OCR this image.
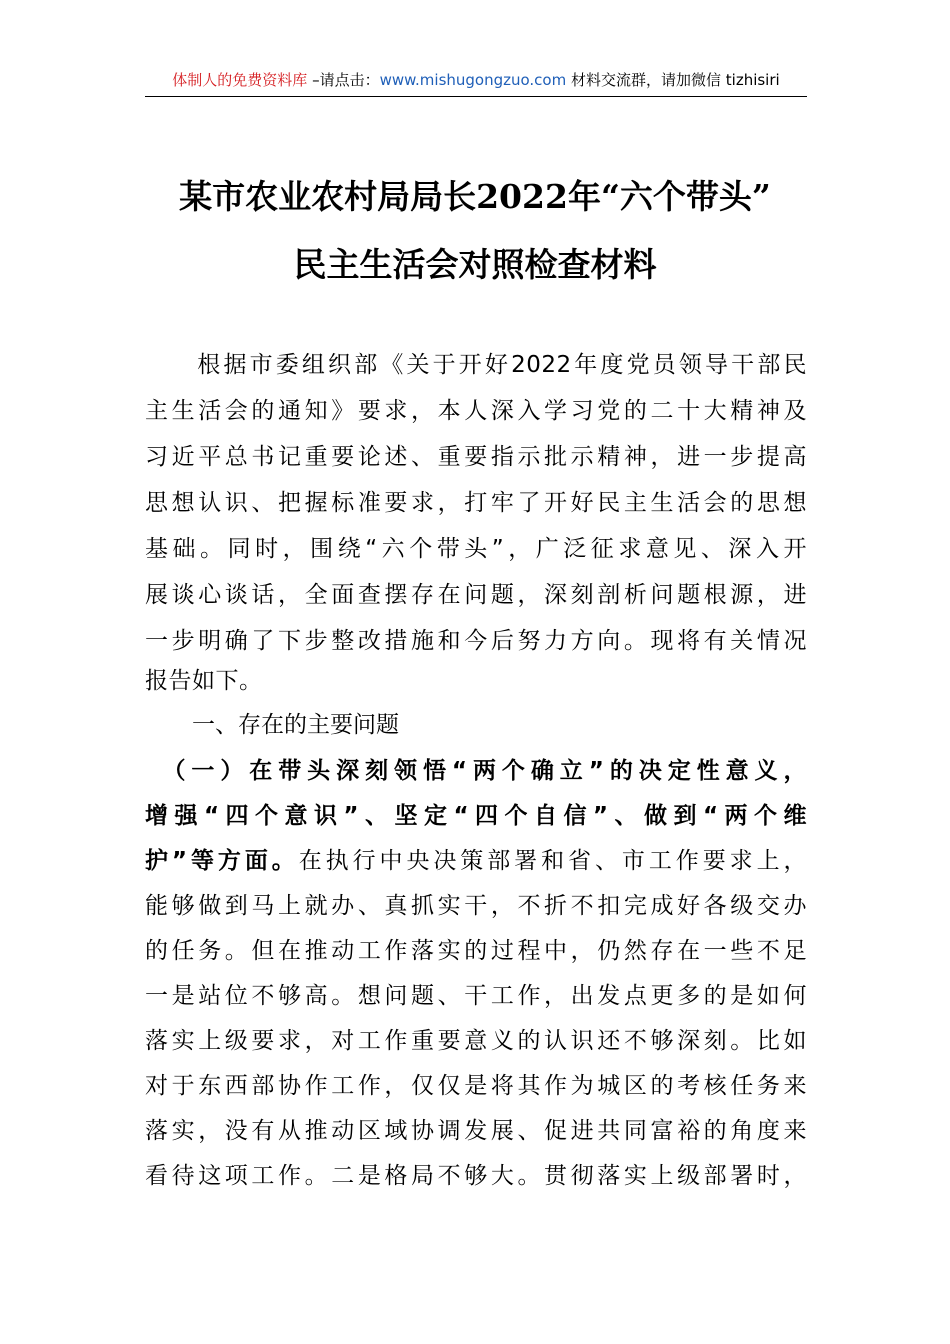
体制人的免费资料库 –请点击：www.mishugongzuo.com 材料交流群，请加微信 tizhisiri
某市农业农村局局长2022年“六个带头”
民主生活会对照检查材料
　　根据市委组织部《关于开好2022年度党员领导干部民
主生活会的通知》要求，本人深入学习党的二十大精神及
习近平总书记重要论述、重要指示批示精神，进一步提高
思想认识、把握标准要求，打牢了开好民主生活会的思想
基础。同时，围绕“六个带头”，广泛征求意见、深入开
展谈心谈话，全面查摆存在问题，深刻剖析问题根源，进
一步明确了下步整改措施和今后努力方向。现将有关情况
报告如下。
一、存在的主要问题
　（一）在带头深刻领悟“两个确立”的决定性意义，
增强“四个意识”、坚定“四个自信”、做到“两个维
护”等方面。在执行中央决策部署和省、市工作要求上，
能够做到马上就办、真抓实干，不折不扣完成好各级交办
的任务。但在推动工作落实的过程中，仍然存在一些不足
一是站位不够高。想问题、干工作，出发点更多的是如何
落实上级要求，对工作重要意义的认识还不够深刻。比如
对于东西部协作工作，仅仅是将其作为城区的考核任务来
落实，没有从推动区域协调发展、促进共同富裕的角度来
看待这项工作。二是格局不够大。贯彻落实上级部署时，
